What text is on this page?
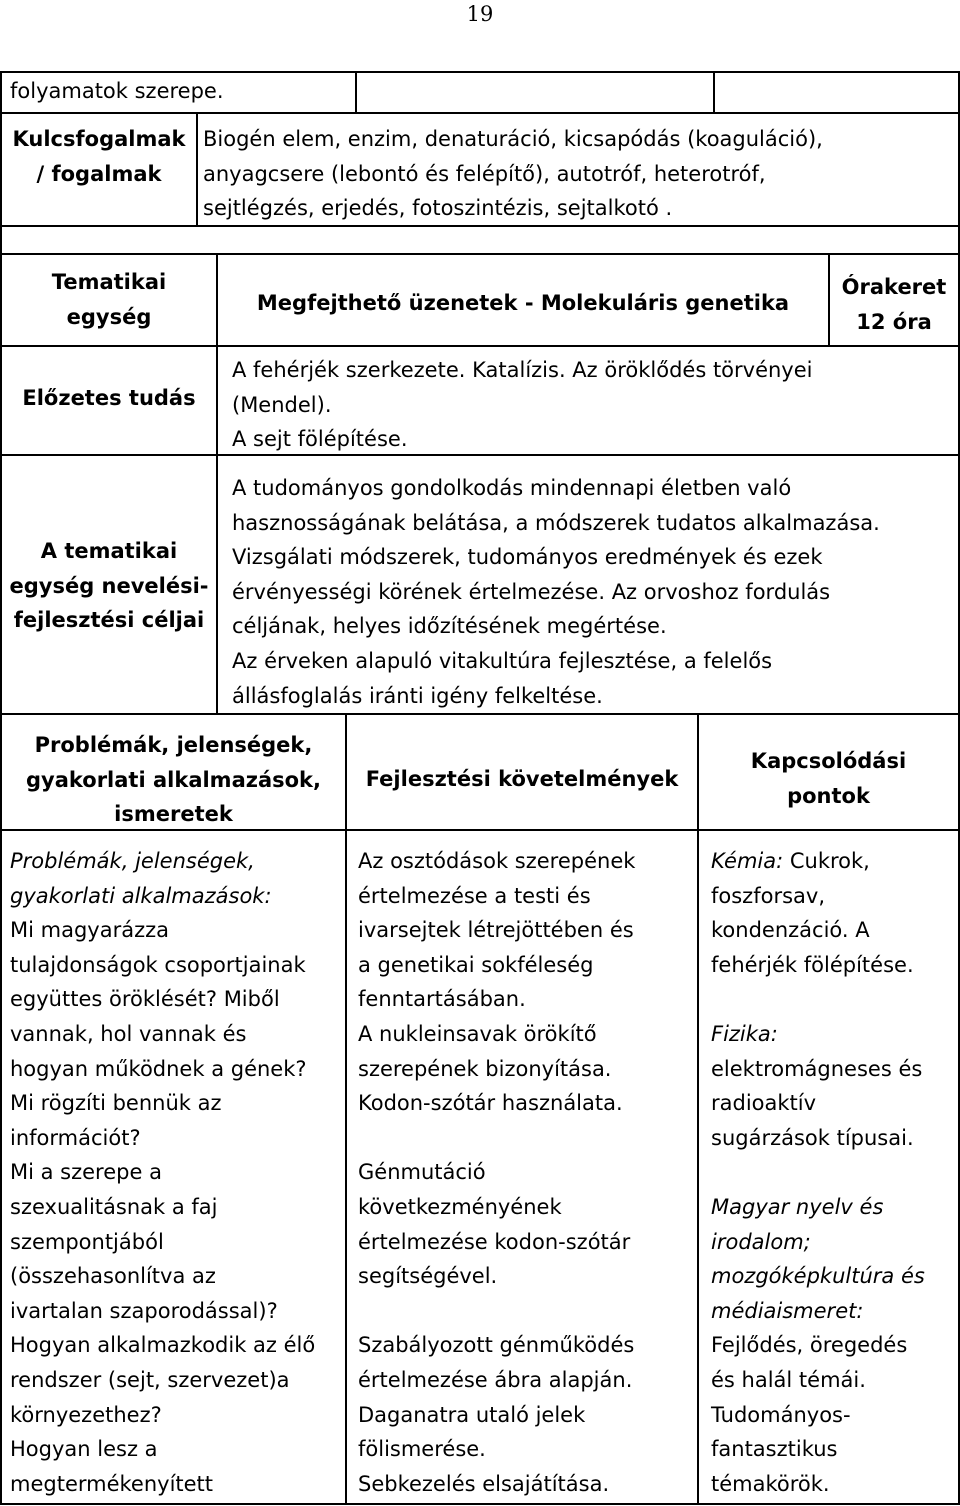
19
folyamatok szerepe.
Kulcsfogalmak
/ fogalmak
Biogén elem, enzim, denaturáció, kicsapódás (koaguláció),
anyagcsere (lebontó és felépítő), autotróf, heterotróf,
sejtlégzés, erjedés, fotoszintézis, sejtalkotó .
Tematikai
egység
Megfejthető üzenetek - Molekuláris genetika
Órakeret
12 óra
Előzetes tudás
A fehérjék szerkezete. Katalízis. Az öröklődés törvényei
(Mendel).
A sejt fölépítése.
A tematikai
egység nevelési-
fejlesztési céljai
A tudományos gondolkodás mindennapi életben való
hasznosságának belátása, a módszerek tudatos alkalmazása.
Vizsgálati módszerek, tudományos eredmények és ezek
érvényességi körének értelmezése. Az orvoshoz fordulás
céljának, helyes időzítésének megértése.
Az érveken alapuló vitakultúra fejlesztése, a felelős
állásfoglalás iránti igény felkeltése.
Problémák, jelenségek,
gyakorlati alkalmazások,
ismeretek
Fejlesztési követelmények
Kapcsolódási
pontok
Problémák, jelenségek,
gyakorlati alkalmazások:
Mi magyarázza
tulajdonságok csoportjainak
együttes öröklését? Miből
vannak, hol vannak és
hogyan működnek a gének?
Mi rögzíti bennük az
információt?
Mi a szerepe a
szexualitásnak a faj
szempontjából
(összehasonlítva az
ivartalan szaporodással)?
Hogyan alkalmazkodik az élő
rendszer (sejt, szervezet)a
környezethez?
Hogyan lesz a
megtermékenyített
Az osztódások szerepének
értelmezése a testi és
ivarsejtek létrejöttében és
a genetikai sokféleség
fenntartásában.
A nukleinsavak örökítő
szerepének bizonyítása.
Kodon-szótár használata.
Génmutáció
következményének
értelmezése kodon-szótár
segítségével.
Szabályozott génműködés
értelmezése ábra alapján.
Daganatra utaló jelek
fölismerése.
Sebkezelés elsajátítása.
Kémia: Cukrok,
foszforsav,
kondenzáció. A
fehérjék fölépítése.
Fizika:
elektromágneses és
radioaktív
sugárzások típusai.
Magyar nyelv és
irodalom;
mozgóképkultúra és
médiaismeret:
Fejlődés, öregedés
és halál témái.
Tudományos-
fantasztikus
témakörök.
